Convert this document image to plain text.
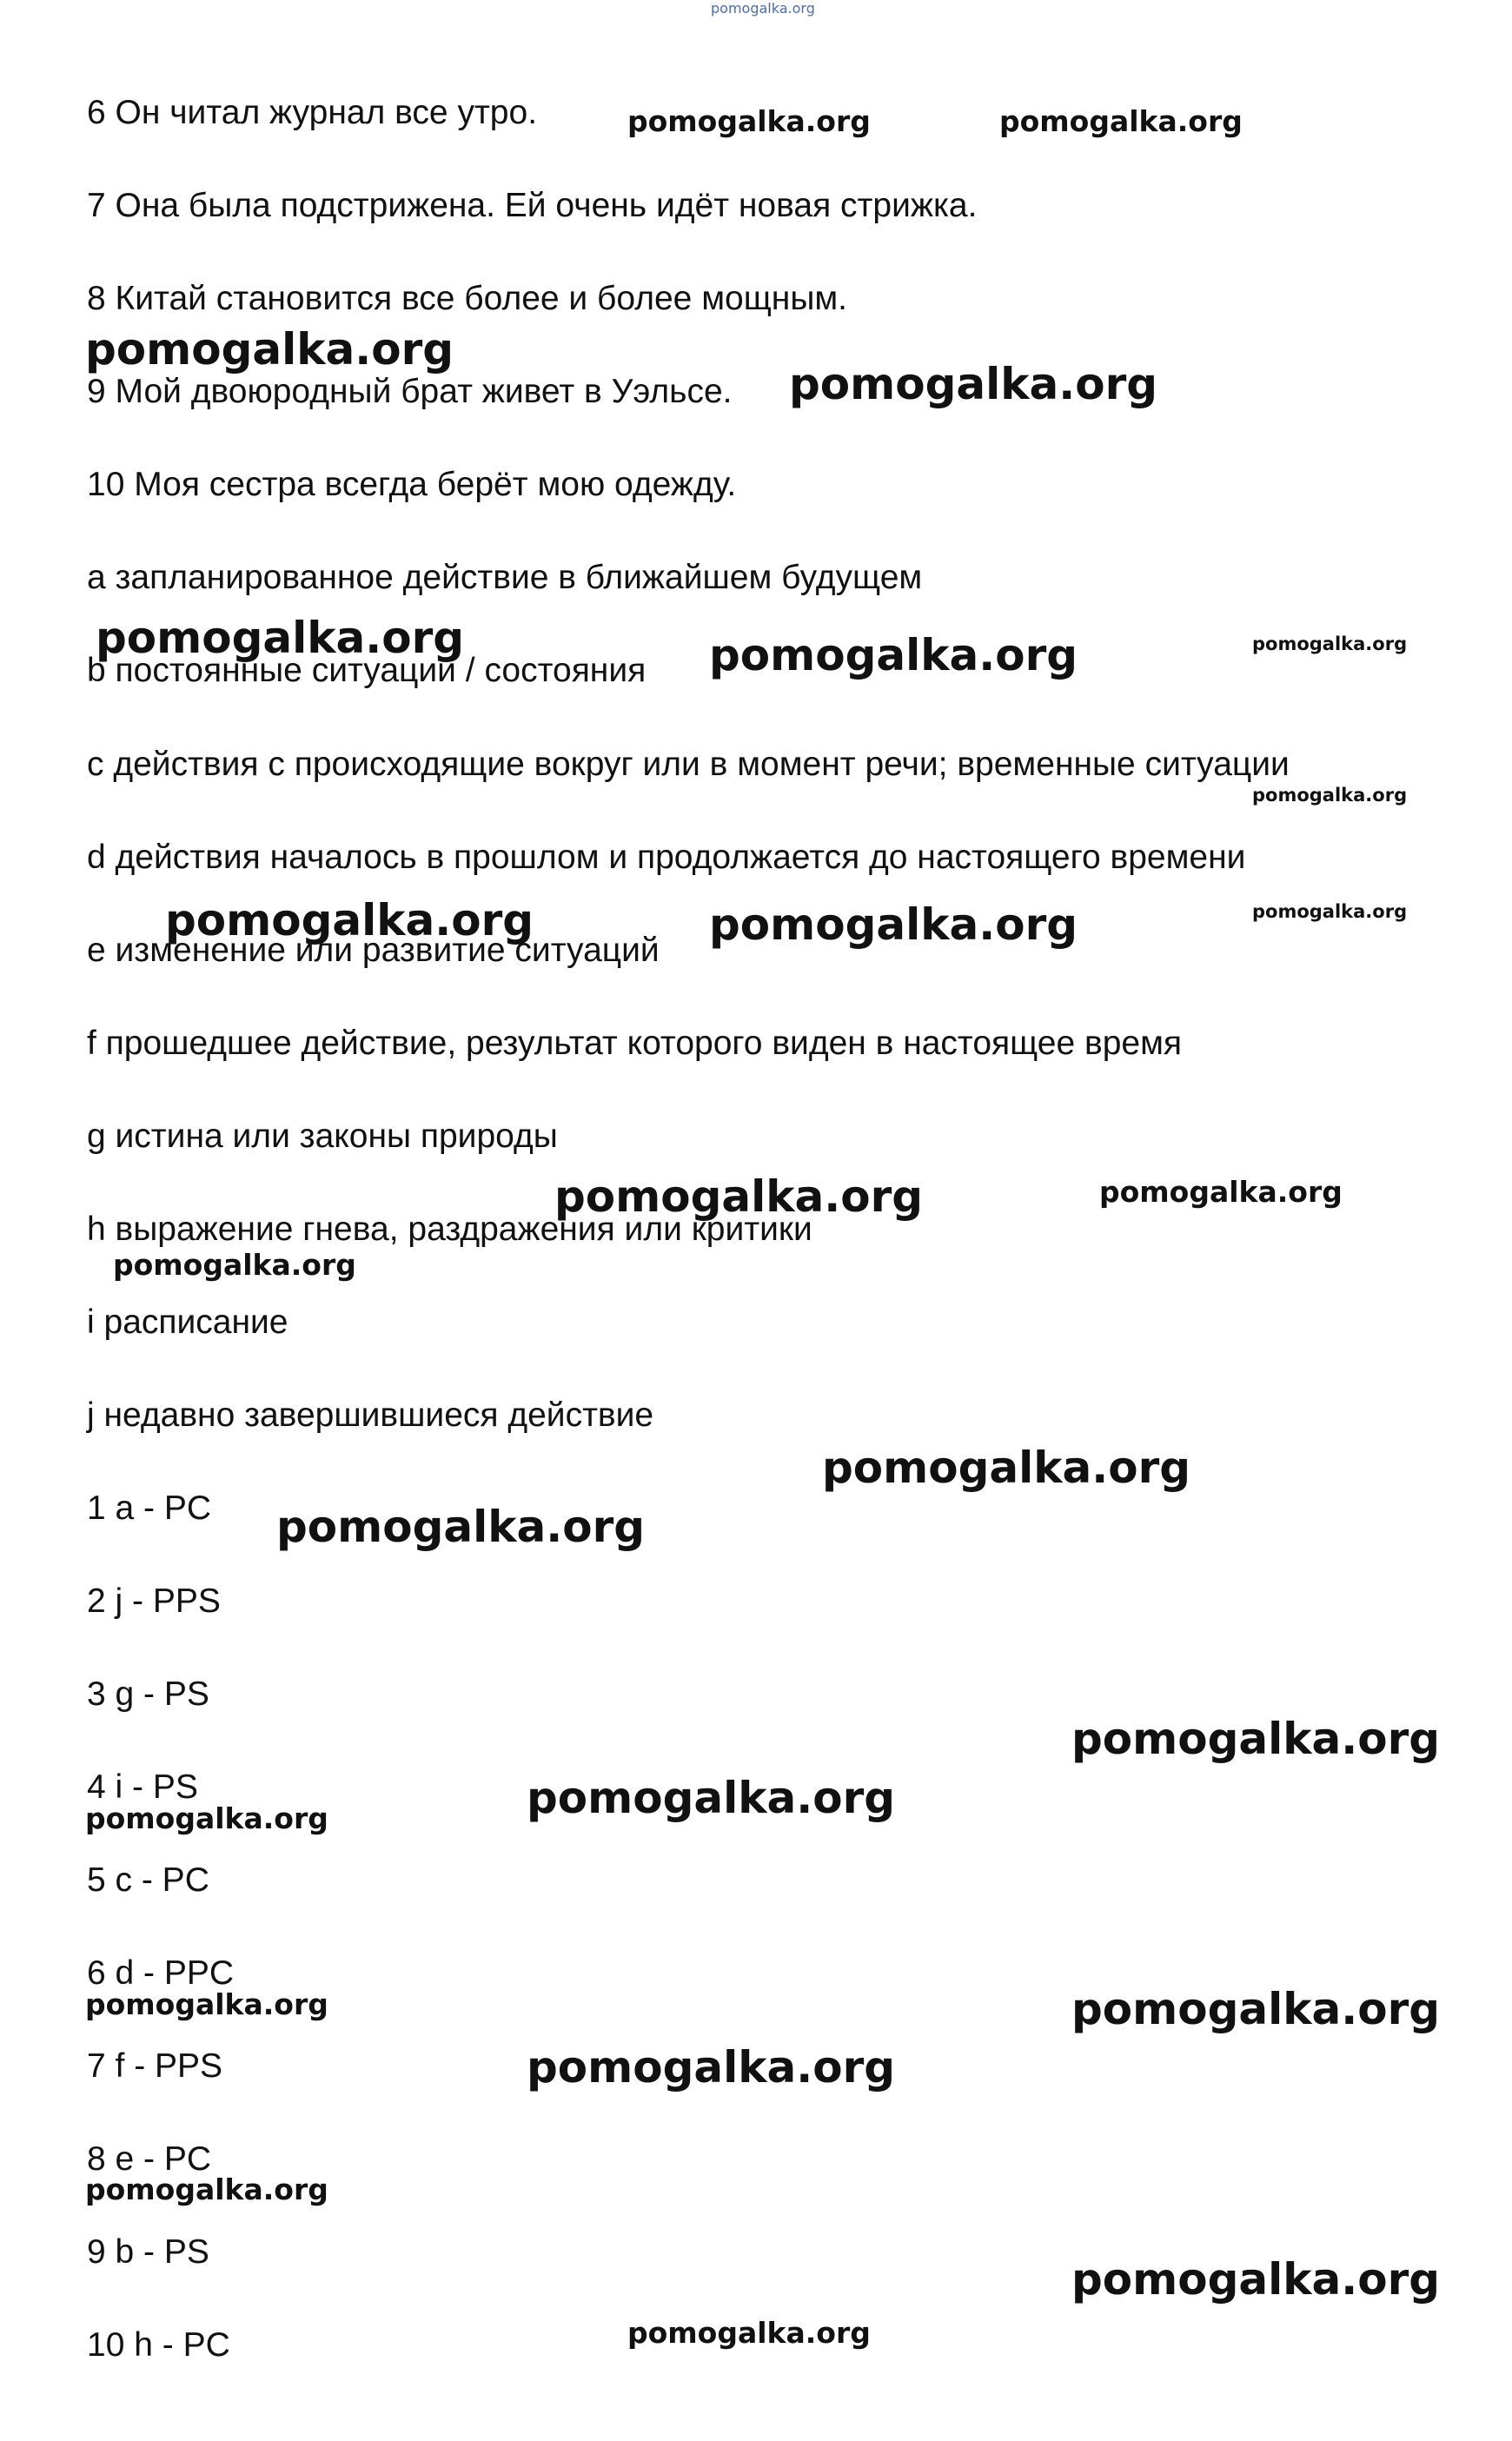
pomogalka.org
6 Он читал журнал все утро.
7 Она была подстрижена. Ей очень идёт новая стрижка.
8 Китай становится все более и более мощным.
9 Мой двоюродный брат живет в Уэльсе.
10 Моя сестра всегда берёт мою одежду.
a запланированное действие в ближайшем будущем
b постоянные ситуации / состояния
c действия с происходящие вокруг или в момент речи; временные ситуации
d действия началось в прошлом и продолжается до настоящего времени
e изменение или развитие ситуаций
f прошедшее действие, результат которого виден в настоящее время
g истина или законы природы
h выражение гнева, раздражения или критики
i расписание
j недавно завершившиеся действие
1 a - PC
2 j - PPS
3 g - PS
4 i - PS
5 c - PC
6 d - PPC
7 f - PPS
8 e - PC
9 b - PS
10 h - PC
pomogalka.org	pomogalka.org
pomogalka.org
pomogalka.org
pomogalka.org	pomogalka.org	pomogalka.org
pomogalka.org
pomogalka.org	pomogalka.org	pomogalka.org
pomogalka.org	pomogalka.org
pomogalka.org
pomogalka.org
pomogalka.org
pomogalka.org
pomogalka.org
pomogalka.org
pomogalka.org
pomogalka.org
pomogalka.org
pomogalka.org
pomogalka.org
pomogalka.org
